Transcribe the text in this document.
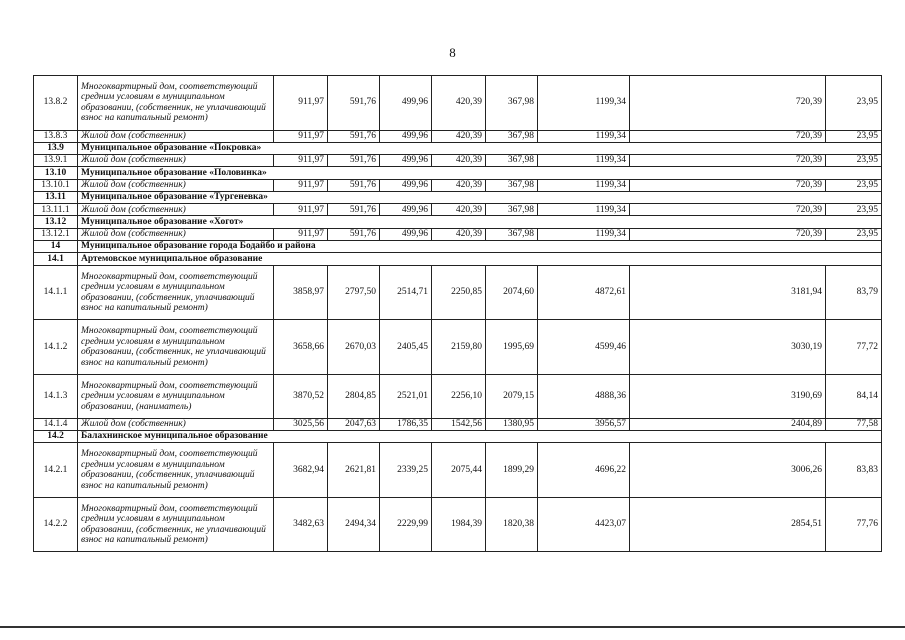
8
13.8.2	Многоквартирный дом, соответствующий средним условиям в муниципальном образовании, (собственник, не уплачивающий взнос на капитальный ремонт)	911,97	591,76	499,96	420,39	367,98	1199,34	720,39	23,95
13.8.3	Жилой дом (собственник)	911,97	591,76	499,96	420,39	367,98	1199,34	720,39	23,95
13.9	Муниципальное образование «Покровка»								
13.9.1	Жилой дом (собственник)	911,97	591,76	499,96	420,39	367,98	1199,34	720,39	23,95
13.10	Муниципальное образование «Половинка»								
13.10.1	Жилой дом (собственник)	911,97	591,76	499,96	420,39	367,98	1199,34	720,39	23,95
13.11	Муниципальное образование «Тургеневка»								
13.11.1	Жилой дом (собственник)	911,97	591,76	499,96	420,39	367,98	1199,34	720,39	23,95
13.12	Муниципальное образование «Хогот»								
13.12.1	Жилой дом (собственник)	911,97	591,76	499,96	420,39	367,98	1199,34	720,39	23,95
14	Муниципальное образование города Бодайбо и района								
14.1	Артемовское муниципальное образование								
14.1.1	Многоквартирный дом, соответствующий средним условиям в муниципальном образовании, (собственник, уплачивающий взнос на капитальный ремонт)	3858,97	2797,50	2514,71	2250,85	2074,60	4872,61	3181,94	83,79
14.1.2	Многоквартирный дом, соответствующий средним условиям в муниципальном образовании, (собственник, не уплачивающий взнос на капитальный ремонт)	3658,66	2670,03	2405,45	2159,80	1995,69	4599,46	3030,19	77,72
14.1.3	Многоквартирный дом, соответствующий средним условиям в муниципальном образовании, (наниматель)	3870,52	2804,85	2521,01	2256,10	2079,15	4888,36	3190,69	84,14
14.1.4	Жилой дом (собственник)	3025,56	2047,63	1786,35	1542,56	1380,95	3956,57	2404,89	77,58
14.2	Балахнинское муниципальное образование								
14.2.1	Многоквартирный дом, соответствующий средним условиям в муниципальном образовании, (собственник, уплачивающий взнос на капитальный ремонт)	3682,94	2621,81	2339,25	2075,44	1899,29	4696,22	3006,26	83,83
14.2.2	Многоквартирный дом, соответствующий средним условиям в муниципальном образовании, (собственник, не уплачивающий взнос на капитальный ремонт)	3482,63	2494,34	2229,99	1984,39	1820,38	4423,07	2854,51	77,76
